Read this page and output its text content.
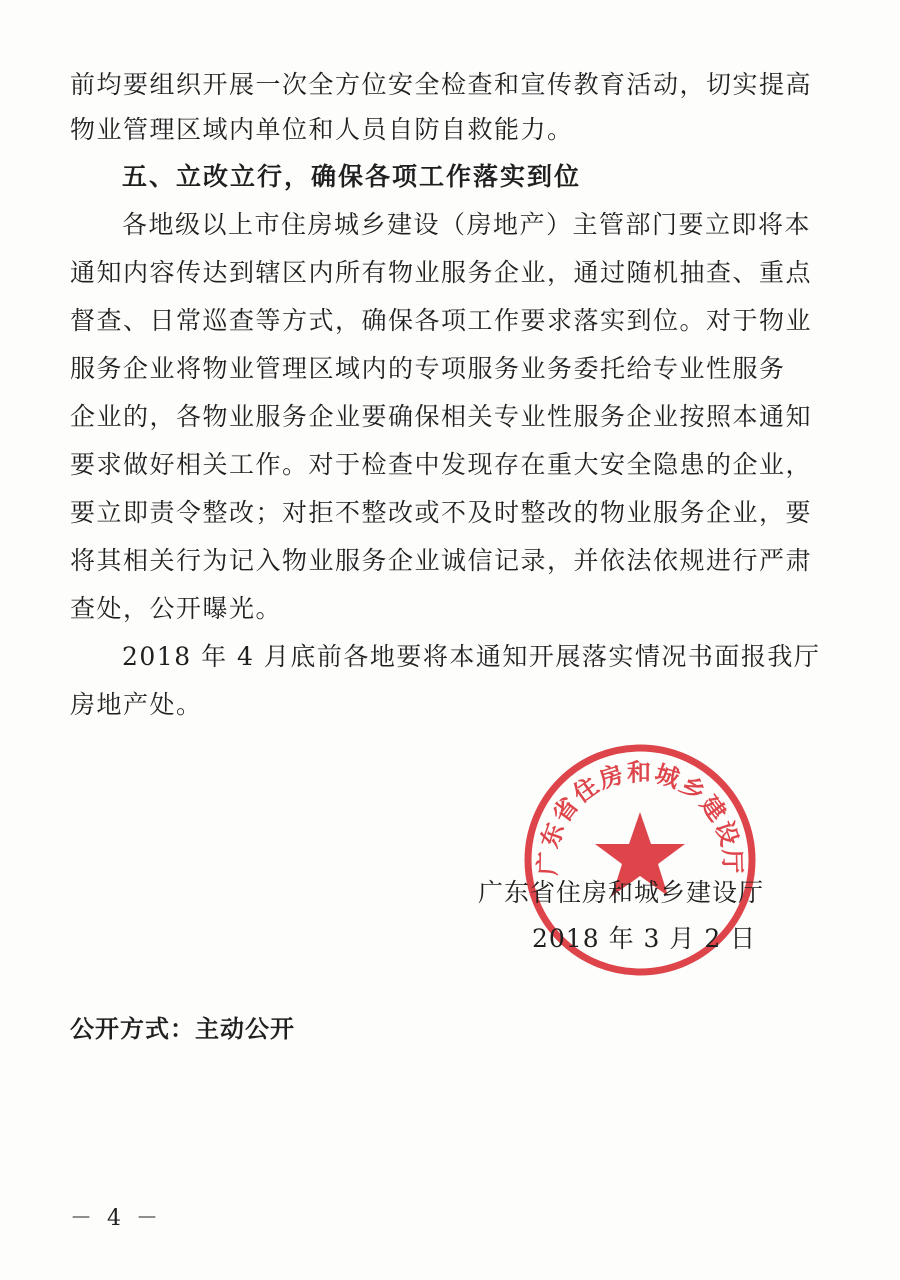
前均要组织开展一次全方位安全检查和宣传教育活动，切实提高
物业管理区域内单位和人员自防自救能力。
五、立改立行，确保各项工作落实到位
各地级以上市住房城乡建设（房地产）主管部门要立即将本
通知内容传达到辖区内所有物业服务企业，通过随机抽查、重点
督查、日常巡查等方式，确保各项工作要求落实到位。对于物业
服务企业将物业管理区域内的专项服务业务委托给专业性服务
企业的，各物业服务企业要确保相关专业性服务企业按照本通知
要求做好相关工作。对于检查中发现存在重大安全隐患的企业，
要立即责令整改；对拒不整改或不及时整改的物业服务企业，要
将其相关行为记入物业服务企业诚信记录，并依法依规进行严肃
查处，公开曝光。
2018 年 4 月底前各地要将本通知开展落实情况书面报我厅
房地产处。
广东省住房和城乡建设厅
广东省住房和城乡建设厅
2018 年 3 月 2 日
公开方式：主动公开
－ 4 －
